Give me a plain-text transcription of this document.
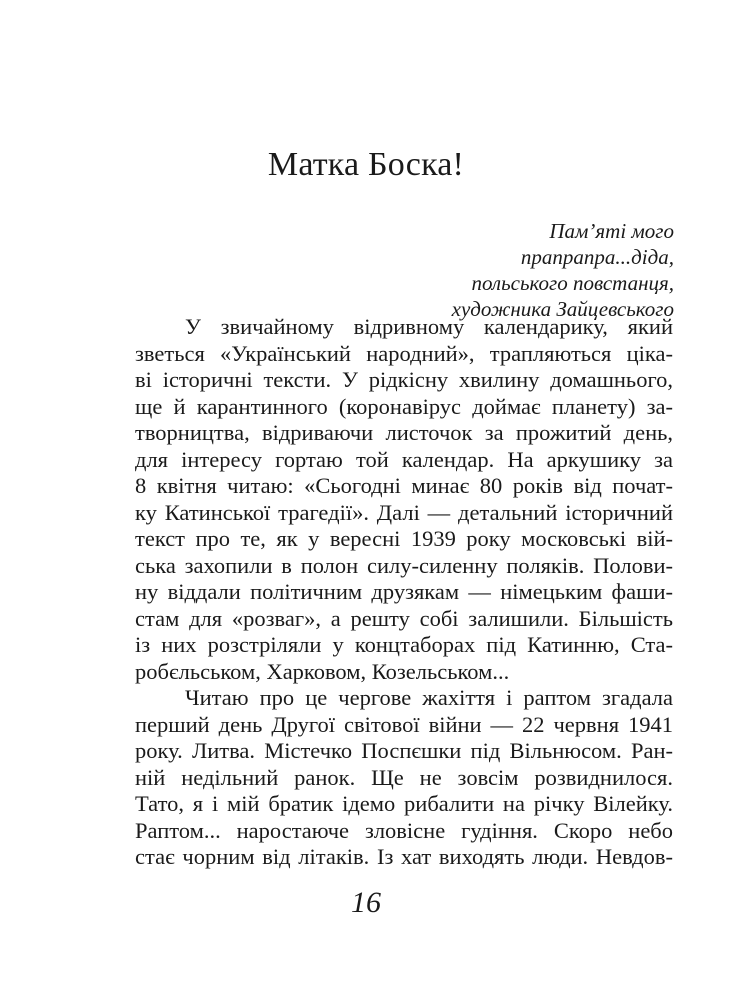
Матка Боска!
Пам’яті мого
прапрапра...діда,
польського повстанця,
художника Зайцевського
У звичайному відривному календарику, який
зветься «Український народний», трапляються ціка-
ві історичні тексти. У рідкісну хвилину домашнього,
ще й карантинного (коронавірус доймає планету) за-
творництва, відриваючи листочок за прожитий день,
для інтересу гортаю той календар. На аркушику за
8 квітня читаю: «Сьогодні минає 80 років від почат-
ку Катинської трагедії». Далі — детальний історичний
текст про те, як у вересні 1939 року московські вій-
ська захопили в полон силу-силенну поляків. Полови-
ну віддали політичним друзякам — німецьким фаши-
стам для «розваг», а решту собі залишили. Більшість
із них розстріляли у концтаборах під Катинню, Ста-
робєльськом, Харковом, Козельськом...
Читаю про це чергове жахіття і раптом згадала
перший день Другої світової війни — 22 червня 1941
року. Литва. Містечко Поспєшки під Вільнюсом. Ран-
ній недільний ранок. Ще не зовсім розвиднилося.
Тато, я і мій братик ідемо рибалити на річку Вілейку.
Раптом... наростаюче зловісне гудіння. Скоро небо
стає чорним від літаків. Із хат виходять люди. Невдов-
16
